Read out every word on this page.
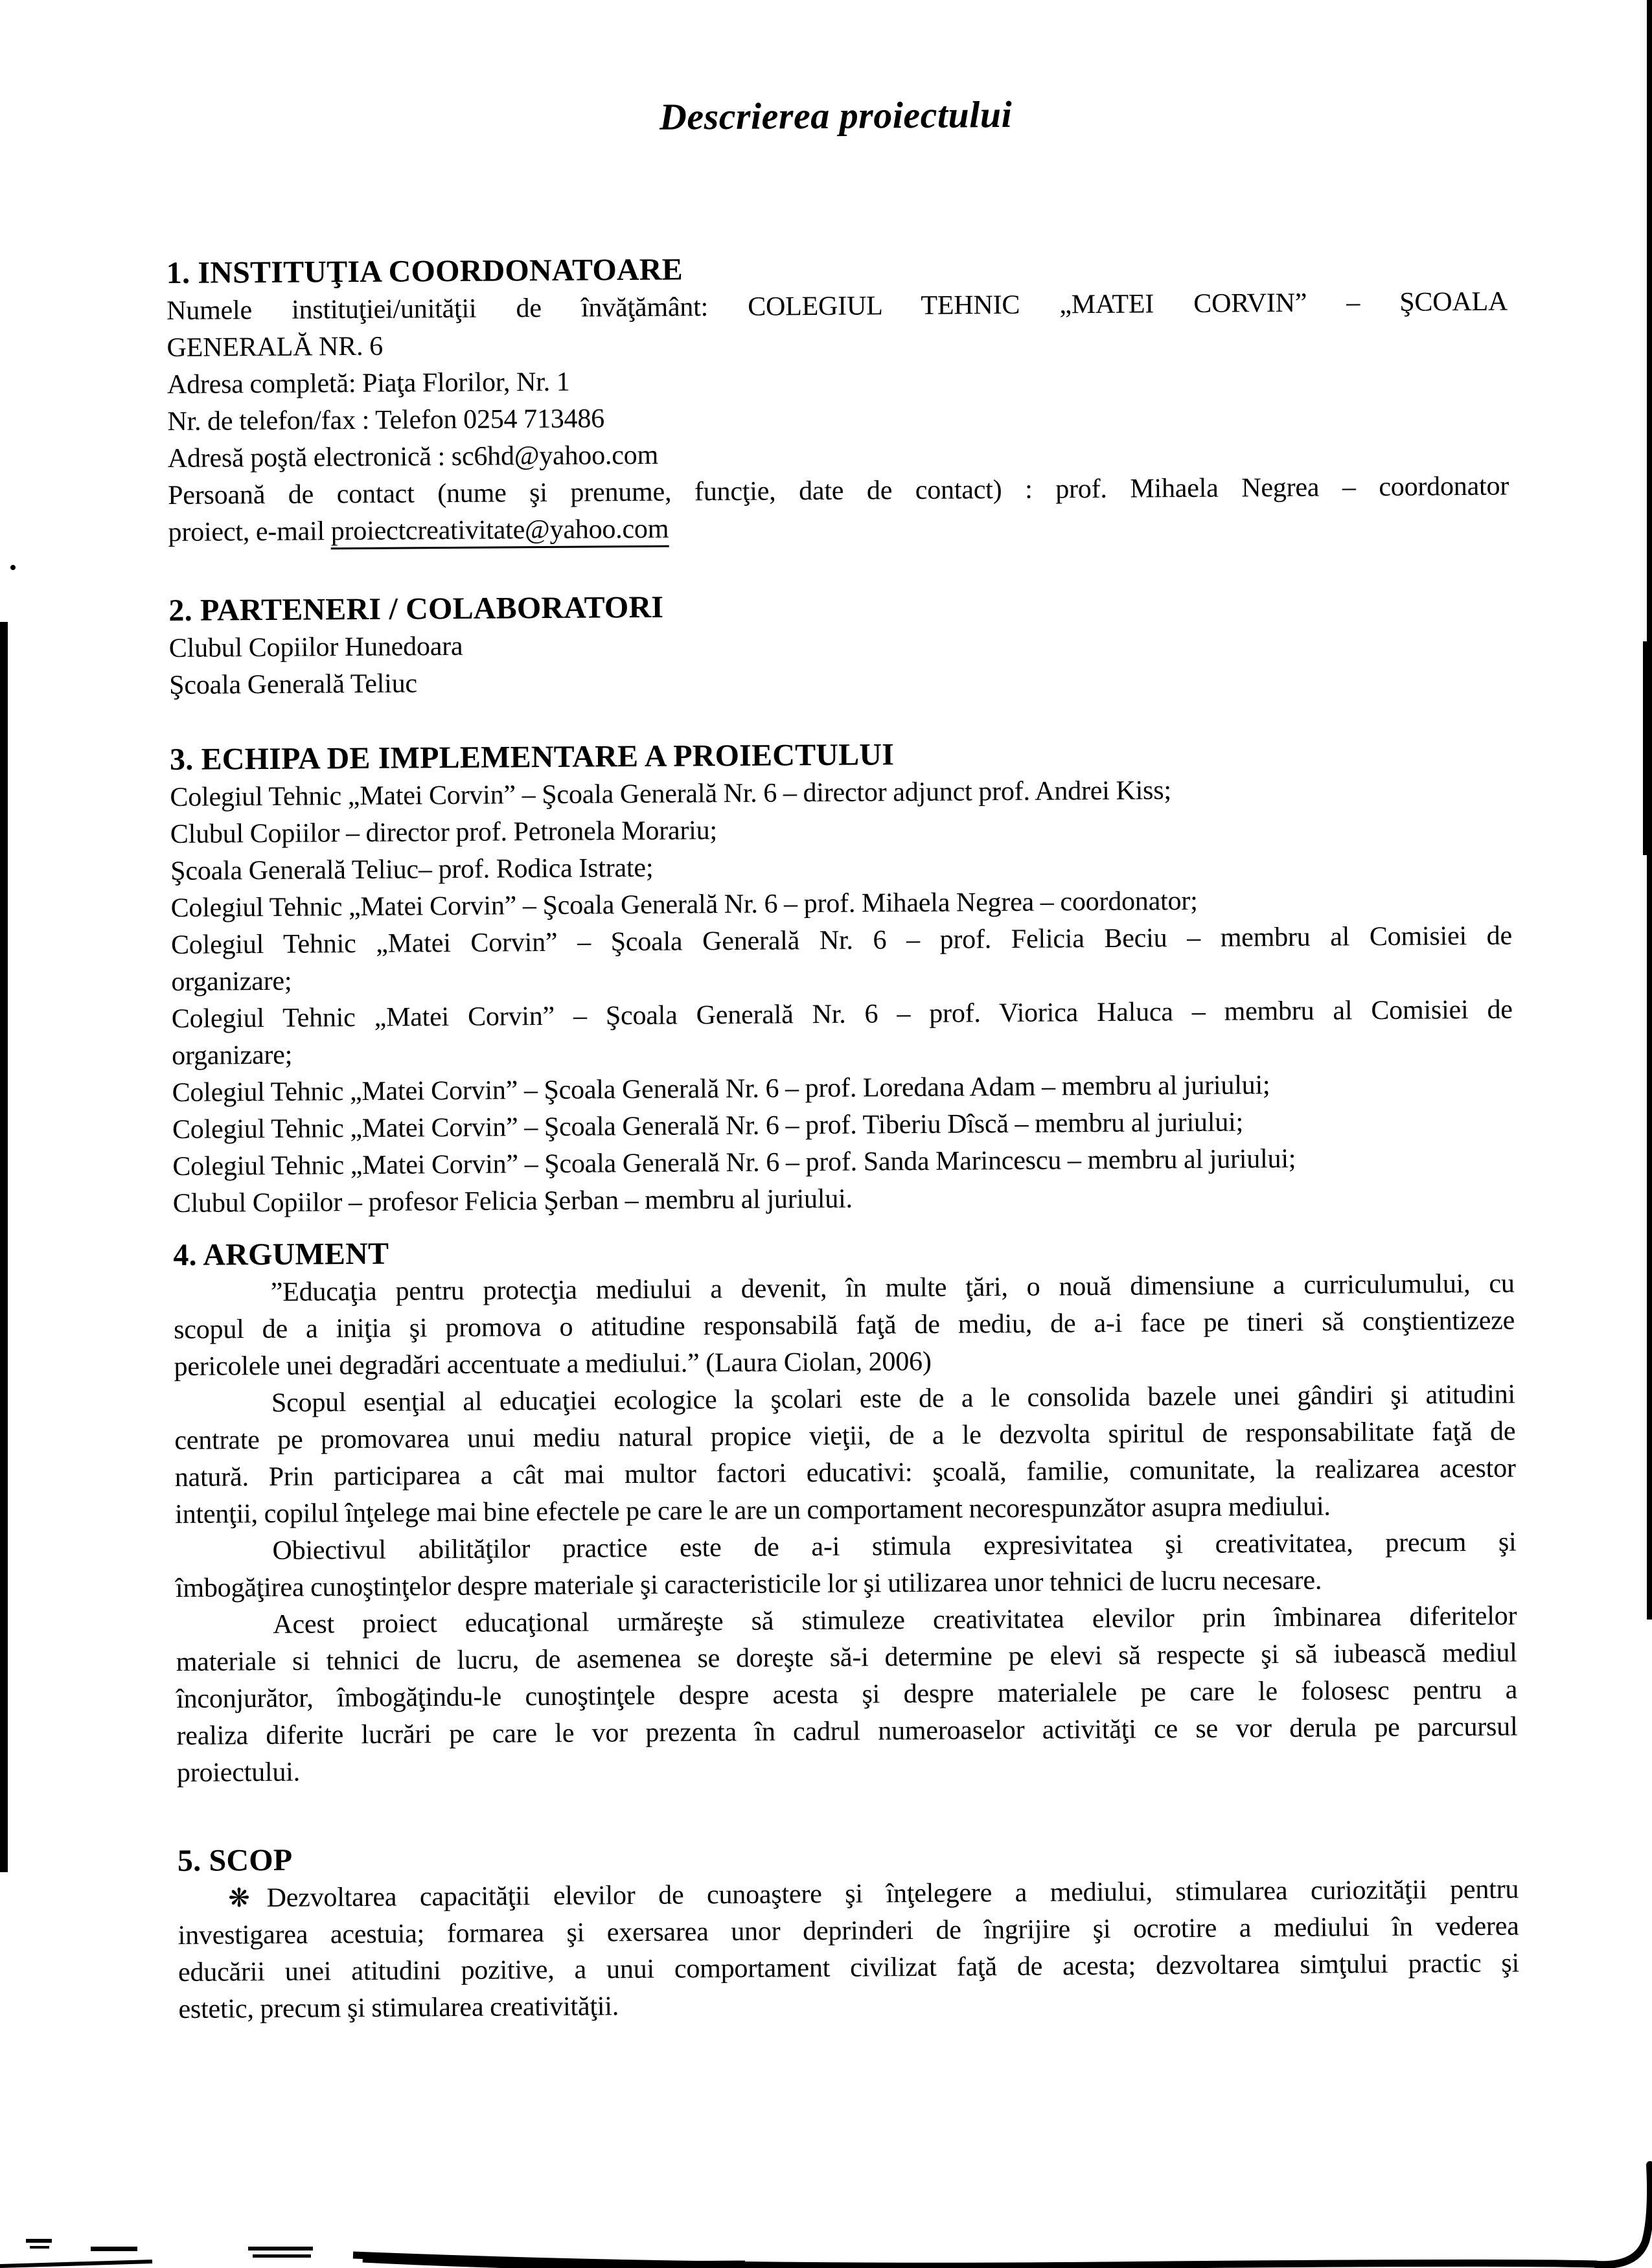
Descrierea proiectului
1. INSTITUŢIA COORDONATOARE
Numele instituţiei/unităţii de învăţământ: COLEGIUL TEHNIC „MATEI CORVIN” – ŞCOALA
GENERALĂ NR. 6
Adresa completă: Piaţa Florilor, Nr. 1
Nr. de telefon/fax : Telefon 0254 713486
Adresă poştă electronică : sc6hd@yahoo.com
Persoană de contact (nume şi prenume, funcţie, date de contact) : prof. Mihaela Negrea – coordonator
proiect, e-mail proiectcreativitate@yahoo.com
2. PARTENERI / COLABORATORI
Clubul Copiilor Hunedoara
Şcoala Generală Teliuc
3. ECHIPA DE IMPLEMENTARE A PROIECTULUI
Colegiul Tehnic „Matei Corvin” – Şcoala Generală Nr. 6 – director adjunct prof. Andrei Kiss;
Clubul Copiilor – director prof. Petronela Morariu;
Şcoala Generală Teliuc– prof. Rodica Istrate;
Colegiul Tehnic „Matei Corvin” – Şcoala Generală Nr. 6 – prof. Mihaela Negrea – coordonator;
Colegiul Tehnic „Matei Corvin” – Şcoala Generală Nr. 6 – prof. Felicia Beciu – membru al Comisiei de
organizare;
Colegiul Tehnic „Matei Corvin” – Şcoala Generală Nr. 6 – prof. Viorica Haluca – membru al Comisiei de
organizare;
Colegiul Tehnic „Matei Corvin” – Şcoala Generală Nr. 6 – prof. Loredana Adam – membru al juriului;
Colegiul Tehnic „Matei Corvin” – Şcoala Generală Nr. 6 – prof. Tiberiu Dîscă – membru al juriului;
Colegiul Tehnic „Matei Corvin” – Şcoala Generală Nr. 6 – prof. Sanda Marincescu – membru al juriului;
Clubul Copiilor – profesor Felicia Şerban – membru al juriului.
4. ARGUMENT
”Educaţia pentru protecţia mediului a devenit, în multe ţări, o nouă dimensiune a curriculumului, cu
scopul de a iniţia şi promova o atitudine responsabilă faţă de mediu, de a-i face pe tineri să conştientizeze
pericolele unei degradări accentuate a mediului.” (Laura Ciolan, 2006)
Scopul esenţial al educaţiei ecologice la şcolari este de a le consolida bazele unei gândiri şi atitudini
centrate pe promovarea unui mediu natural propice vieţii, de a le dezvolta spiritul de responsabilitate faţă de
natură. Prin participarea a cât mai multor factori educativi: şcoală, familie, comunitate, la realizarea acestor
intenţii, copilul înţelege mai bine efectele pe care le are un comportament necorespunzător asupra mediului.
Obiectivul abilităţilor practice este de a-i stimula expresivitatea şi creativitatea, precum şi
îmbogăţirea cunoştinţelor despre materiale şi caracteristicile lor şi utilizarea unor tehnici de lucru necesare.
Acest proiect educaţional urmăreşte să stimuleze creativitatea elevilor prin îmbinarea diferitelor
materiale si tehnici de lucru, de asemenea se doreşte să-i determine pe elevi să respecte şi să iubească mediul
înconjurător, îmbogăţindu-le cunoştinţele despre acesta şi despre materialele pe care le folosesc pentru a
realiza diferite lucrări pe care le vor prezenta în cadrul numeroaselor activităţi ce se vor derula pe parcursul
proiectului.
5. SCOP
❋ Dezvoltarea capacităţii elevilor de cunoaştere şi înţelegere a mediului, stimularea curiozităţii pentru
investigarea acestuia; formarea şi exersarea unor deprinderi de îngrijire şi ocrotire a mediului în vederea
educării unei atitudini pozitive, a unui comportament civilizat faţă de acesta; dezvoltarea simţului practic şi
estetic, precum şi stimularea creativităţii.
